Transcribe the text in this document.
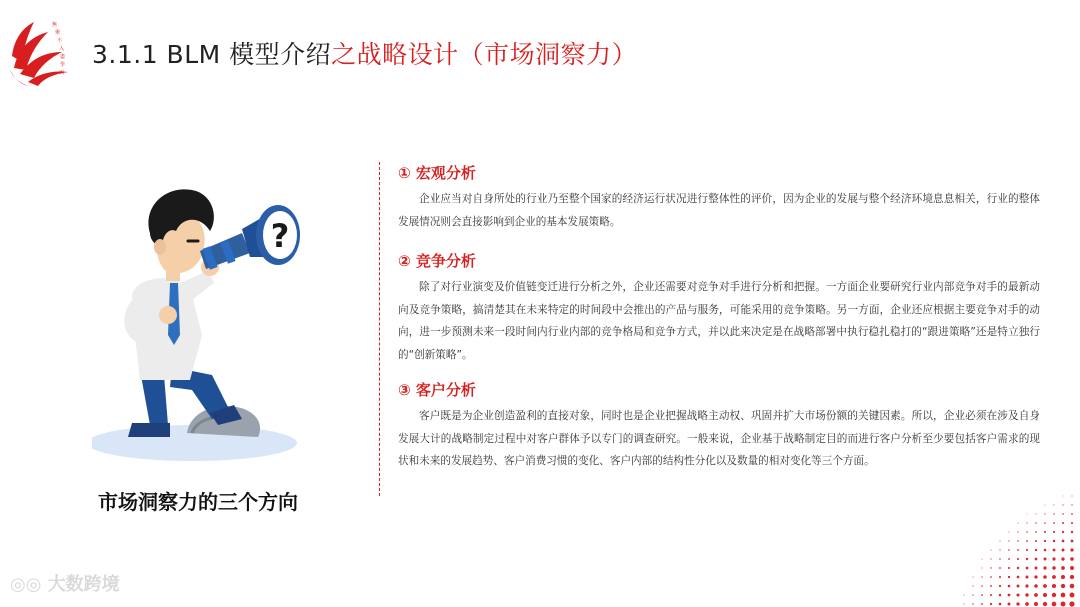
無
舉
不
入
盡
學
而
3.1.1 BLM 模型介绍之战略设计（市场洞察力）
?
市场洞察力的三个方向
① 宏观分析
企业应当对自身所处的行业乃至整个国家的经济运行状况进行整体性的评价，因为企业的发展与整个经济环境息息相关，行业的整体发展情况则会直接影响到企业的基本发展策略。
② 竞争分析
除了对行业演变及价值链变迁进行分析之外，企业还需要对竞争对手进行分析和把握。一方面企业要研究行业内部竞争对手的最新动向及竞争策略，搞清楚其在未来特定的时间段中会推出的产品与服务，可能采用的竞争策略。另一方面，企业还应根据主要竞争对手的动向，进一步预测未来一段时间内行业内部的竞争格局和竞争方式，并以此来决定是在战略部署中执行稳扎稳打的“跟进策略”还是特立独行的“创新策略”。
③ 客户分析
客户既是为企业创造盈利的直接对象，同时也是企业把握战略主动权、巩固并扩大市场份额的关键因素。所以，企业必须在涉及自身发展大计的战略制定过程中对客户群体予以专门的调查研究。一般来说，企业基于战略制定目的而进行客户分析至少要包括客户需求的现状和未来的发展趋势、客户消费习惯的变化、客户内部的结构性分化以及数量的相对变化等三个方面。
◎◎ 大数跨境
